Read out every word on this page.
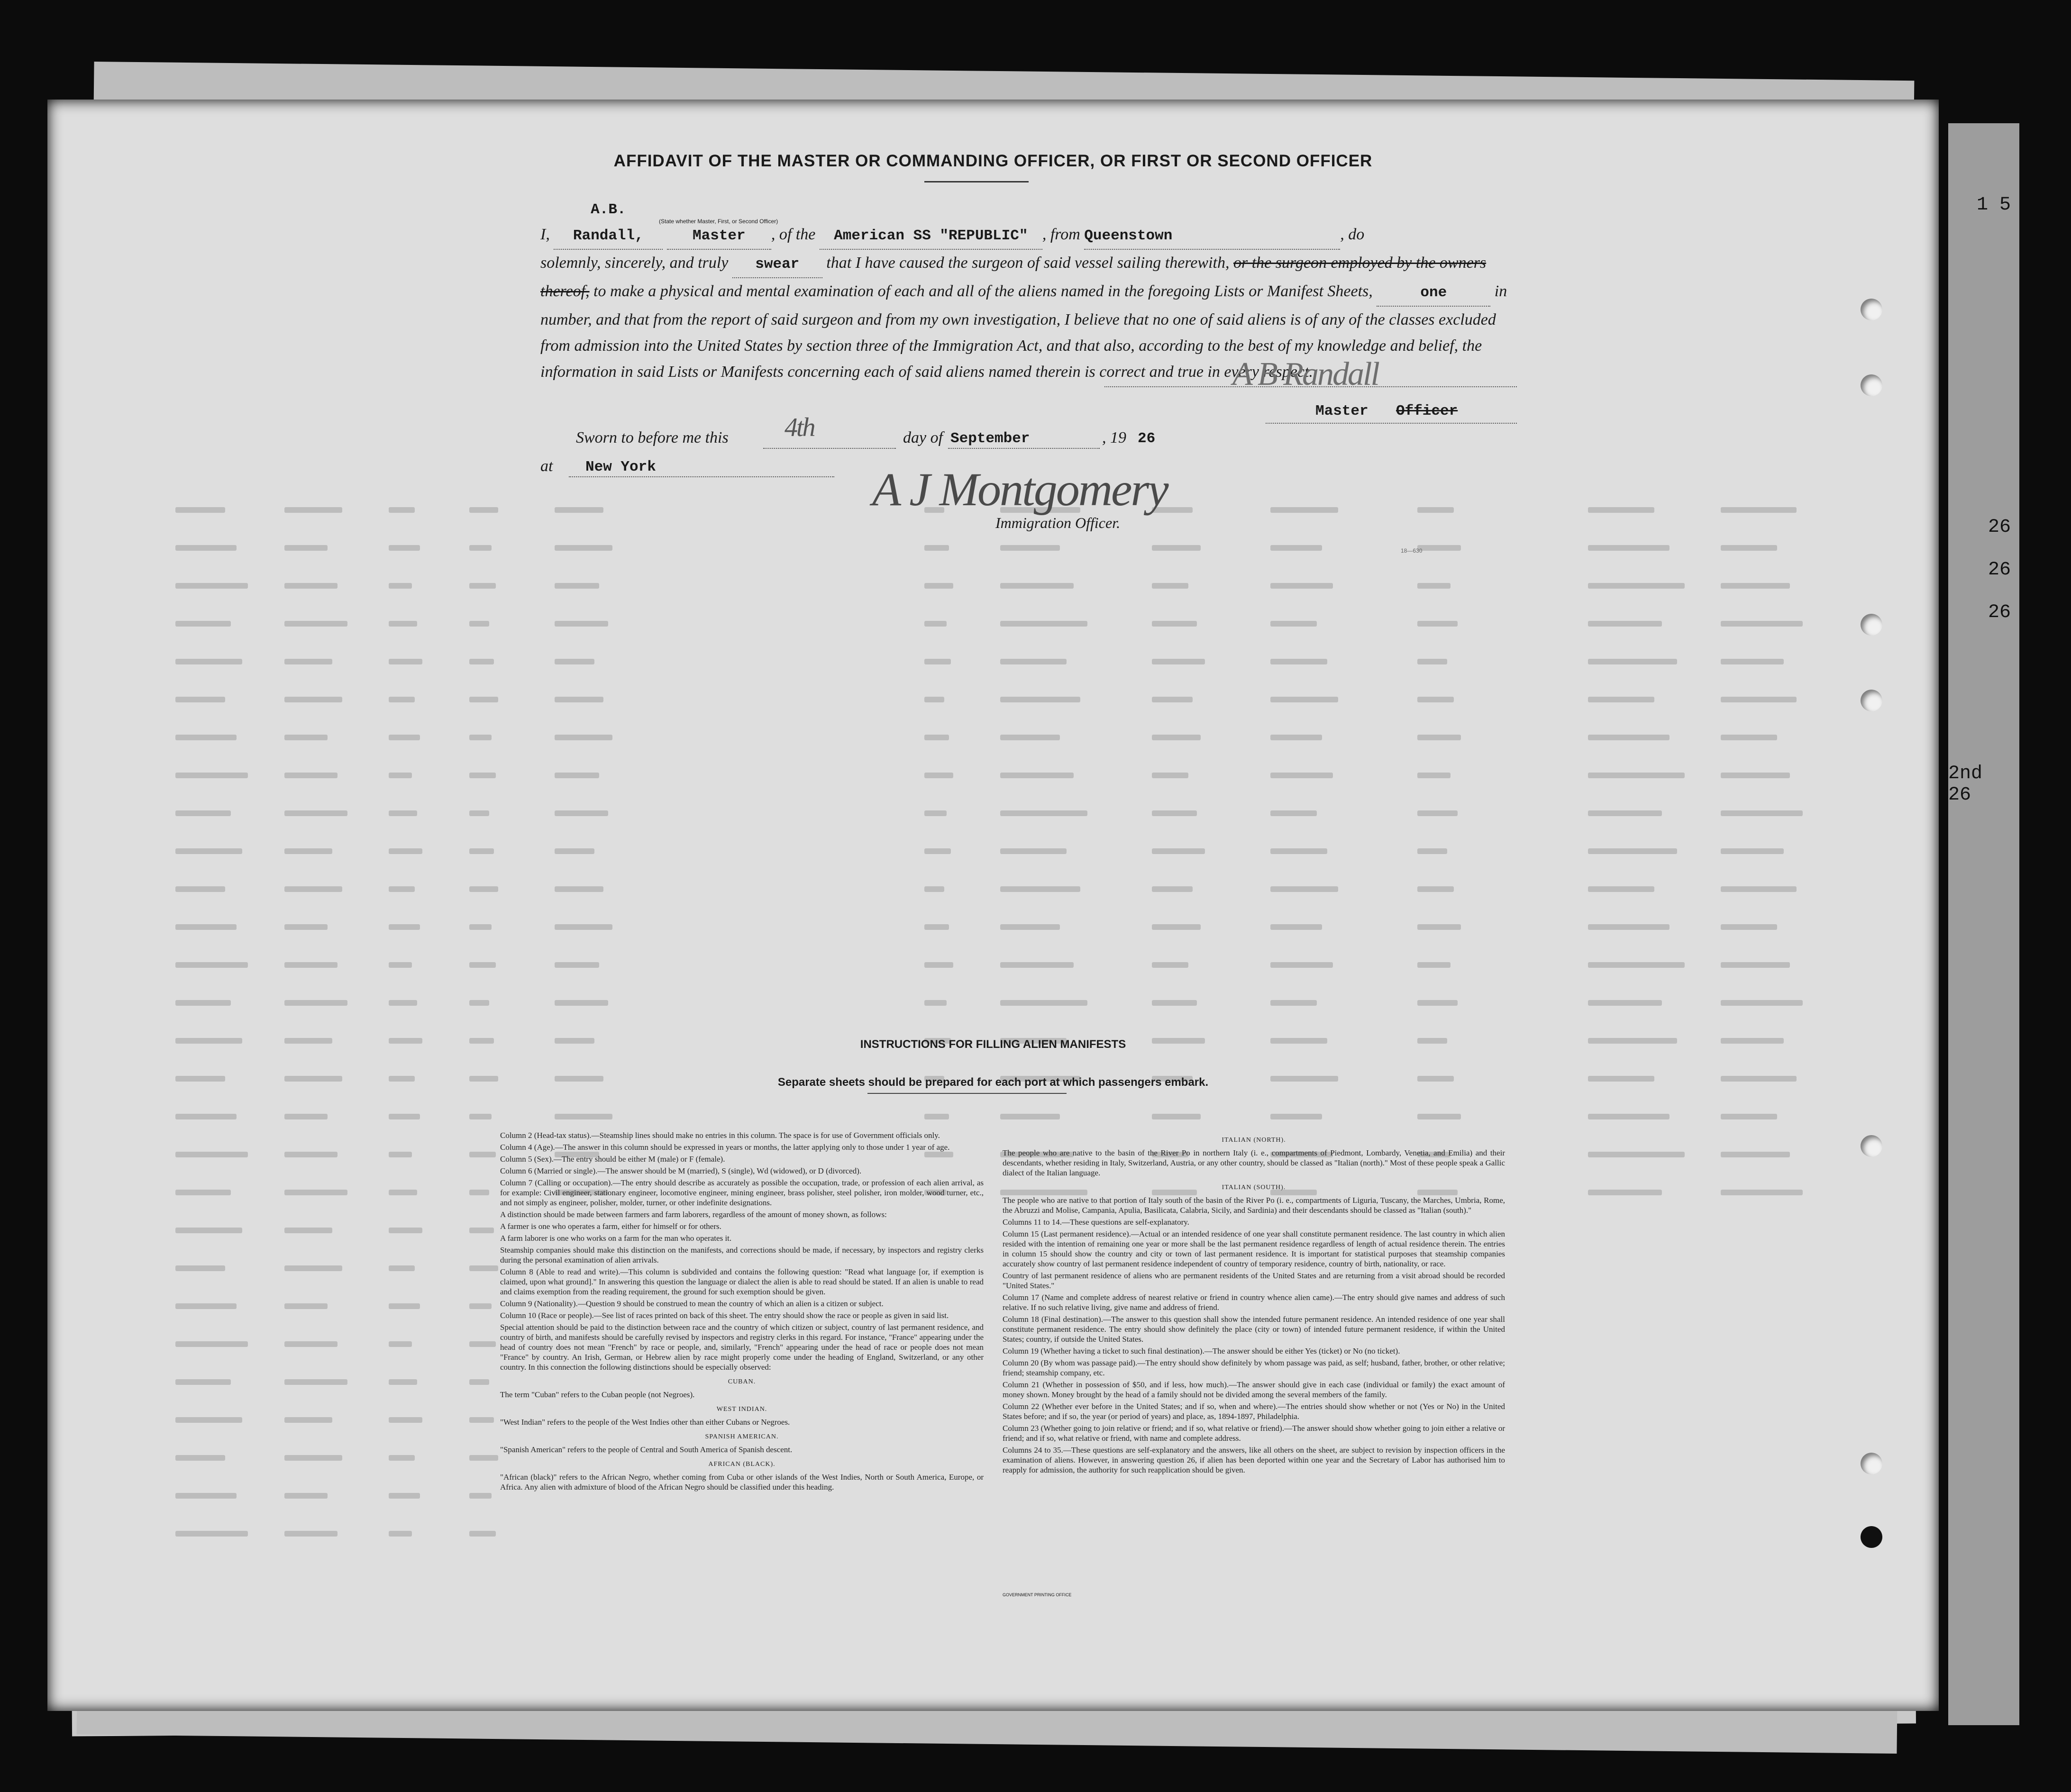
1 5
26
26
26
2nd 26
18—630
AFFIDAVIT OF THE MASTER OR COMMANDING OFFICER, OR FIRST OR SECOND OFFICER
I, A.B. Randall,	Master , of the American SS "REPUBLIC" , from Queenstown	, do
solemnly, sincerely, and truly swear that I have caused the surgeon of said vessel sailing therewith, or the surgeon employed by the owners thereof, to make a physical and mental examination of each and all of the aliens named in the foregoing Lists or Manifest Sheets,	one	in number, and that from the report of said surgeon and from my own investigation, I believe that no one of said aliens is of any of the classes excluded from admission into the United States by section three of the Immigration Act, and that also, according to the best of my knowledge and belief, the information in said Lists or Manifests concerning each of said aliens named therein is correct and true in every respect.
(State whether Master, First, or Second Officer)
A B Randall
Master Officer
Sworn to before me this 4th	day of September	, 19 26
at New York	A J Montgomery
Immigration Officer.
INSTRUCTIONS FOR FILLING ALIEN MANIFESTS
Separate sheets should be prepared for each port at which passengers embark.

Column 2 (Head-tax status).—Steamship lines should make no entries in this column. The space is for use of Government officials only.

Column 4 (Age).—The answer in this column should be expressed in years or months, the latter applying only to those under 1 year of age.

Column 5 (Sex).—The entry should be either M (male) or F (female).

Column 6 (Married or single).—The answer should be M (married), S (single), Wd (widowed), or D (divorced).

Column 7 (Calling or occupation).—The entry should describe as accurately as possible the occupation, trade, or profession of each alien arrival, as for example: Civil engineer, stationary engineer, locomotive engineer, mining engineer, brass polisher, steel polisher, iron molder, wood turner, etc., and not simply as engineer, polisher, molder, turner, or other indefinite designations.

A distinction should be made between farmers and farm laborers, regardless of the amount of money shown, as follows:

A farmer is one who operates a farm, either for himself or for others.

A farm laborer is one who works on a farm for the man who operates it.

Steamship companies should make this distinction on the manifests, and corrections should be made, if necessary, by inspectors and registry clerks during the personal examination of alien arrivals.

Column 8 (Able to read and write).—This column is subdivided and contains the following question: "Read what language [or, if exemption is claimed, upon what ground]." In answering this question the language or dialect the alien is able to read should be stated. If an alien is unable to read and claims exemption from the reading requirement, the ground for such exemption should be given.

Column 9 (Nationality).—Question 9 should be construed to mean the country of which an alien is a citizen or subject.

Column 10 (Race or people).—See list of races printed on back of this sheet. The entry should show the race or people as given in said list.

Special attention should be paid to the distinction between race and the country of which citizen or subject, country of last permanent residence, and country of birth, and manifests should be carefully revised by inspectors and registry clerks in this regard. For instance, "France" appearing under the head of country does not mean "French" by race or people, and, similarly, "French" appearing under the head of race or people does not mean "France" by country. An Irish, German, or Hebrew alien by race might properly come under the heading of England, Switzerland, or any other country. In this connection the following distinctions should be especially observed:

CUBAN.

The term "Cuban" refers to the Cuban people (not Negroes).

WEST INDIAN.

"West Indian" refers to the people of the West Indies other than either Cubans or Negroes.

SPANISH AMERICAN.

"Spanish American" refers to the people of Central and South America of Spanish descent.

AFRICAN (BLACK).

"African (black)" refers to the African Negro, whether coming from Cuba or other islands of the West Indies, North or South America, Europe, or Africa. Any alien with admixture of blood of the African Negro should be classified under this heading.

ITALIAN (NORTH).

The people who are native to the basin of the River Po in northern Italy (i. e., compartments of Piedmont, Lombardy, Venetia, and Emilia) and their descendants, whether residing in Italy, Switzerland, Austria, or any other country, should be classed as "Italian (north)." Most of these people speak a Gallic dialect of the Italian language.

ITALIAN (SOUTH).

The people who are native to that portion of Italy south of the basin of the River Po (i. e., compartments of Liguria, Tuscany, the Marches, Umbria, Rome, the Abruzzi and Molise, Campania, Apulia, Basilicata, Calabria, Sicily, and Sardinia) and their descendants should be classed as "Italian (south)."

Columns 11 to 14.—These questions are self-explanatory.

Column 15 (Last permanent residence).—Actual or an intended residence of one year shall constitute permanent residence. The last country in which alien resided with the intention of remaining one year or more shall be the last permanent residence regardless of length of actual residence therein. The entries in column 15 should show the country and city or town of last permanent residence. It is important for statistical purposes that steamship companies accurately show country of last permanent residence independent of country of temporary residence, country of birth, nationality, or race.

Country of last permanent residence of aliens who are permanent residents of the United States and are returning from a visit abroad should be recorded "United States."

Column 17 (Name and complete address of nearest relative or friend in country whence alien came).—The entry should give names and address of such relative. If no such relative living, give name and address of friend.

Column 18 (Final destination).—The answer to this question shall show the intended future permanent residence. An intended residence of one year shall constitute permanent residence. The entry should show definitely the place (city or town) of intended future permanent residence, if within the United States; country, if outside the United States.

Column 19 (Whether having a ticket to such final destination).—The answer should be either Yes (ticket) or No (no ticket).

Column 20 (By whom was passage paid).—The entry should show definitely by whom passage was paid, as self; husband, father, brother, or other relative; friend; steamship company, etc.

Column 21 (Whether in possession of $50, and if less, how much).—The answer should give in each case (individual or family) the exact amount of money shown. Money brought by the head of a family should not be divided among the several members of the family.

Column 22 (Whether ever before in the United States; and if so, when and where).—The entries should show whether or not (Yes or No) in the United States before; and if so, the year (or period of years) and place, as, 1894-1897, Philadelphia.

Column 23 (Whether going to join relative or friend; and if so, what relative or friend).—The answer should show whether going to join either a relative or friend; and if so, what relative or friend, with name and complete address.

Columns 24 to 35.—These questions are self-explanatory and the answers, like all others on the sheet, are subject to revision by inspection officers in the examination of aliens. However, in answering question 26, if alien has been deported within one year and the Secretary of Labor has authorised him to reapply for admission, the authority for such reapplication should be given.

GOVERNMENT PRINTING OFFICE
